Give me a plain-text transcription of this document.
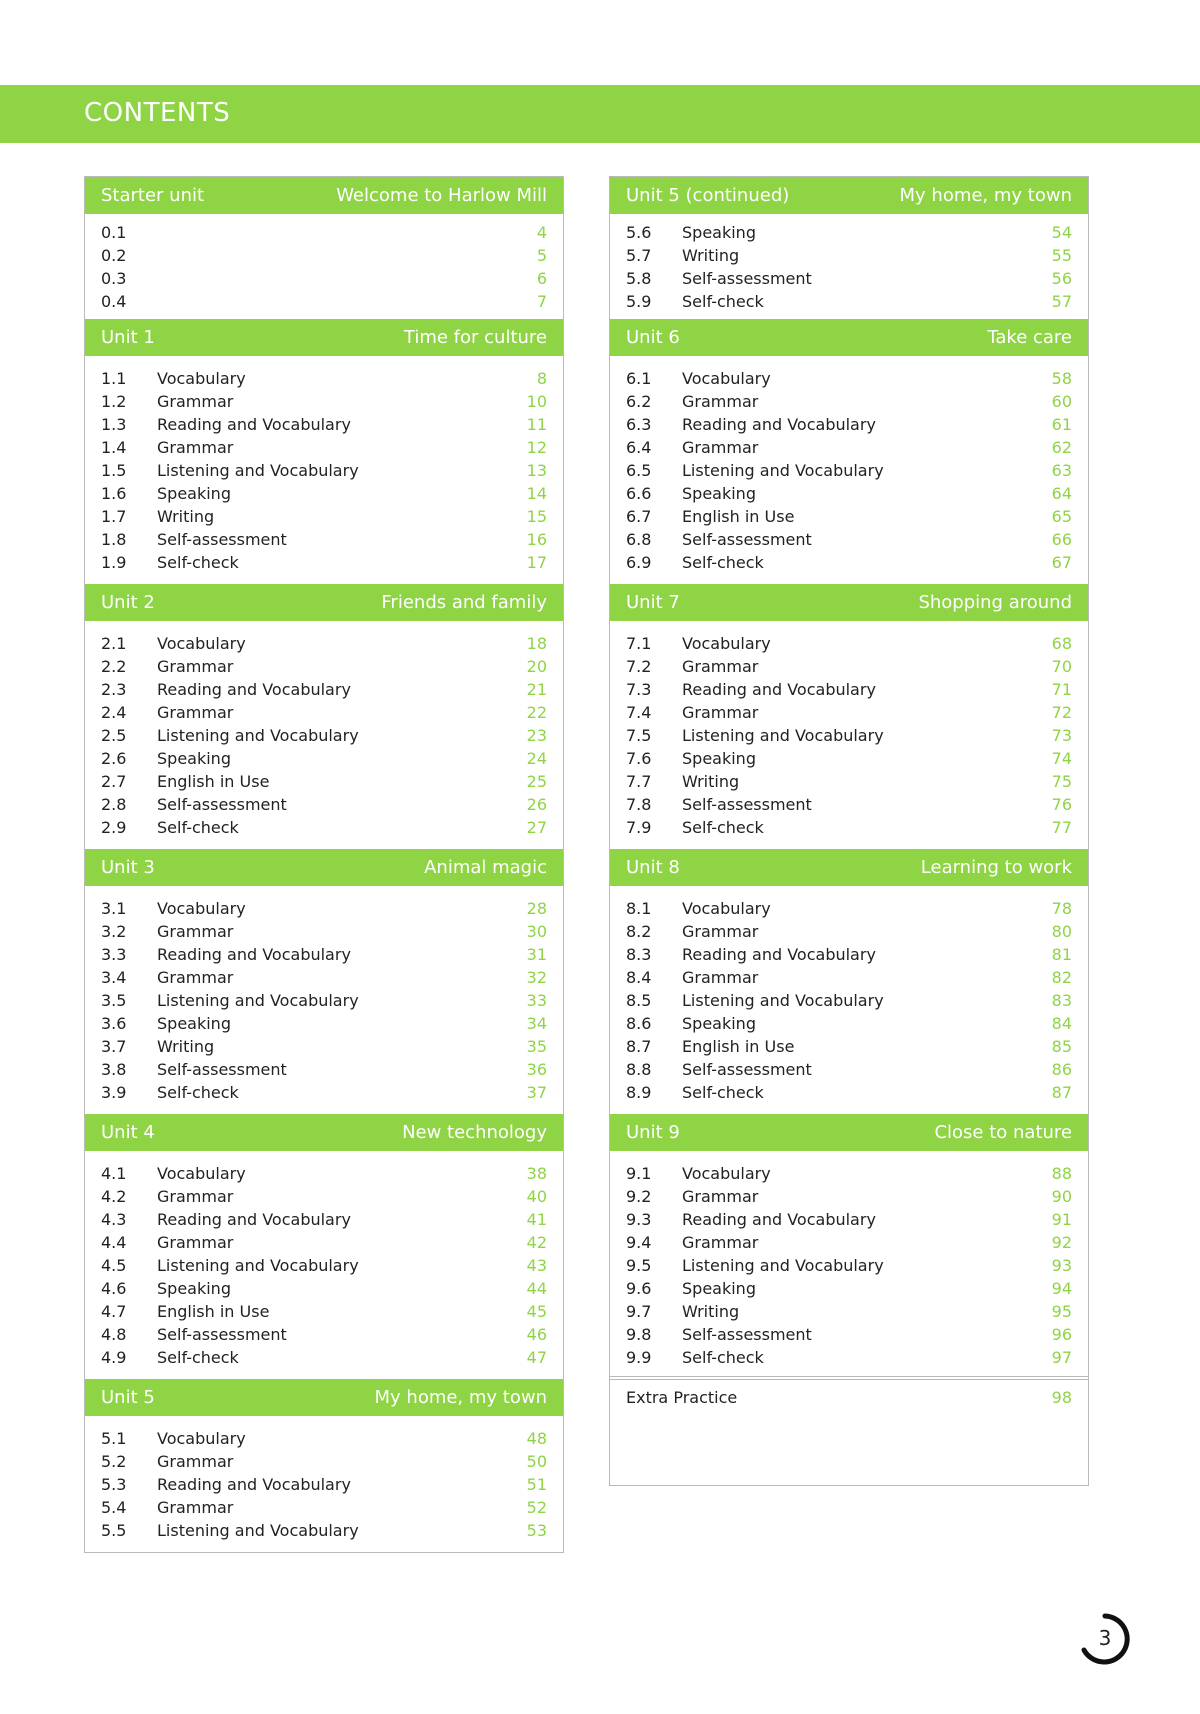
CONTENTS
Starter unit	Welcome to Harlow Mill
0.1	4
0.2	5
0.3	6
0.4	7
Unit 1	Time for culture
1.1	Vocabulary	8
1.2	Grammar	10
1.3	Reading and Vocabulary	11
1.4	Grammar	12
1.5	Listening and Vocabulary	13
1.6	Speaking	14
1.7	Writing	15
1.8	Self-assessment	16
1.9	Self-check	17
Unit 2	Friends and family
2.1	Vocabulary	18
2.2	Grammar	20
2.3	Reading and Vocabulary	21
2.4	Grammar	22
2.5	Listening and Vocabulary	23
2.6	Speaking	24
2.7	English in Use	25
2.8	Self-assessment	26
2.9	Self-check	27
Unit 3	Animal magic
3.1	Vocabulary	28
3.2	Grammar	30
3.3	Reading and Vocabulary	31
3.4	Grammar	32
3.5	Listening and Vocabulary	33
3.6	Speaking	34
3.7	Writing	35
3.8	Self-assessment	36
3.9	Self-check	37
Unit 4	New technology
4.1	Vocabulary	38
4.2	Grammar	40
4.3	Reading and Vocabulary	41
4.4	Grammar	42
4.5	Listening and Vocabulary	43
4.6	Speaking	44
4.7	English in Use	45
4.8	Self-assessment	46
4.9	Self-check	47
Unit 5	My home, my town
5.1	Vocabulary	48
5.2	Grammar	50
5.3	Reading and Vocabulary	51
5.4	Grammar	52
5.5	Listening and Vocabulary	53
Unit 5 (continued)	My home, my town
5.6	Speaking	54
5.7	Writing	55
5.8	Self-assessment	56
5.9	Self-check	57
Unit 6	Take care
6.1	Vocabulary	58
6.2	Grammar	60
6.3	Reading and Vocabulary	61
6.4	Grammar	62
6.5	Listening and Vocabulary	63
6.6	Speaking	64
6.7	English in Use	65
6.8	Self-assessment	66
6.9	Self-check	67
Unit 7	Shopping around
7.1	Vocabulary	68
7.2	Grammar	70
7.3	Reading and Vocabulary	71
7.4	Grammar	72
7.5	Listening and Vocabulary	73
7.6	Speaking	74
7.7	Writing	75
7.8	Self-assessment	76
7.9	Self-check	77
Unit 8	Learning to work
8.1	Vocabulary	78
8.2	Grammar	80
8.3	Reading and Vocabulary	81
8.4	Grammar	82
8.5	Listening and Vocabulary	83
8.6	Speaking	84
8.7	English in Use	85
8.8	Self-assessment	86
8.9	Self-check	87
Unit 9	Close to nature
9.1	Vocabulary	88
9.2	Grammar	90
9.3	Reading and Vocabulary	91
9.4	Grammar	92
9.5	Listening and Vocabulary	93
9.6	Speaking	94
9.7	Writing	95
9.8	Self-assessment	96
9.9	Self-check	97
Extra Practice	98
3
